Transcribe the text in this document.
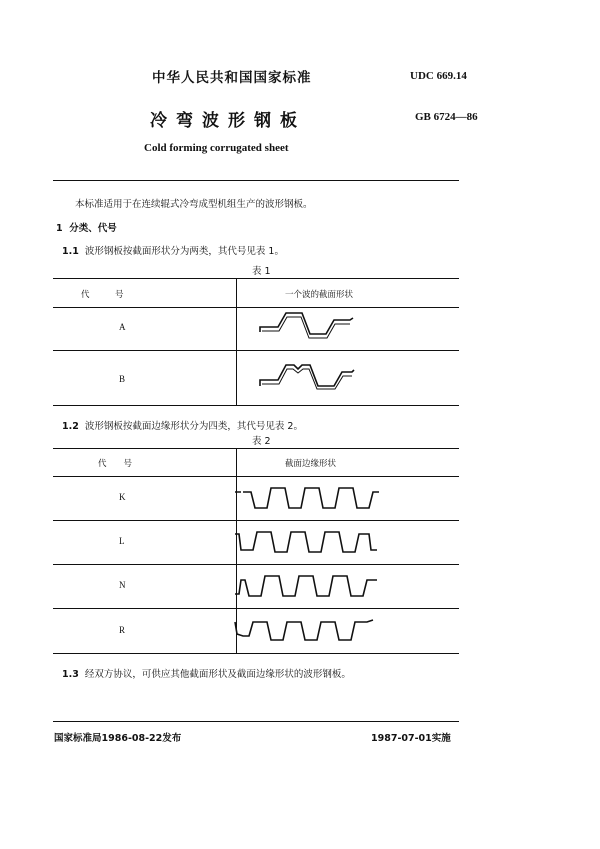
中华人民共和国国家标准	UDC 669.14
冷弯波形钢板	GB 6724—86
Cold forming corrugated sheet
本标准适用于在连续辊式冷弯成型机组生产的波形钢板。
1 分类、代号
1.1 波形钢板按截面形状分为两类，其代号见表 1。
表 1
代　　　号	一个波的截面形状
A
B
1.2 波形钢板按截面边缘形状分为四类，其代号见表 2。
表 2
代　　号	截面边缘形状
K
L
N
R
1.3 经双方协议，可供应其他截面形状及截面边缘形状的波形钢板。
国家标准局1986-08-22发布	1987-07-01实施
